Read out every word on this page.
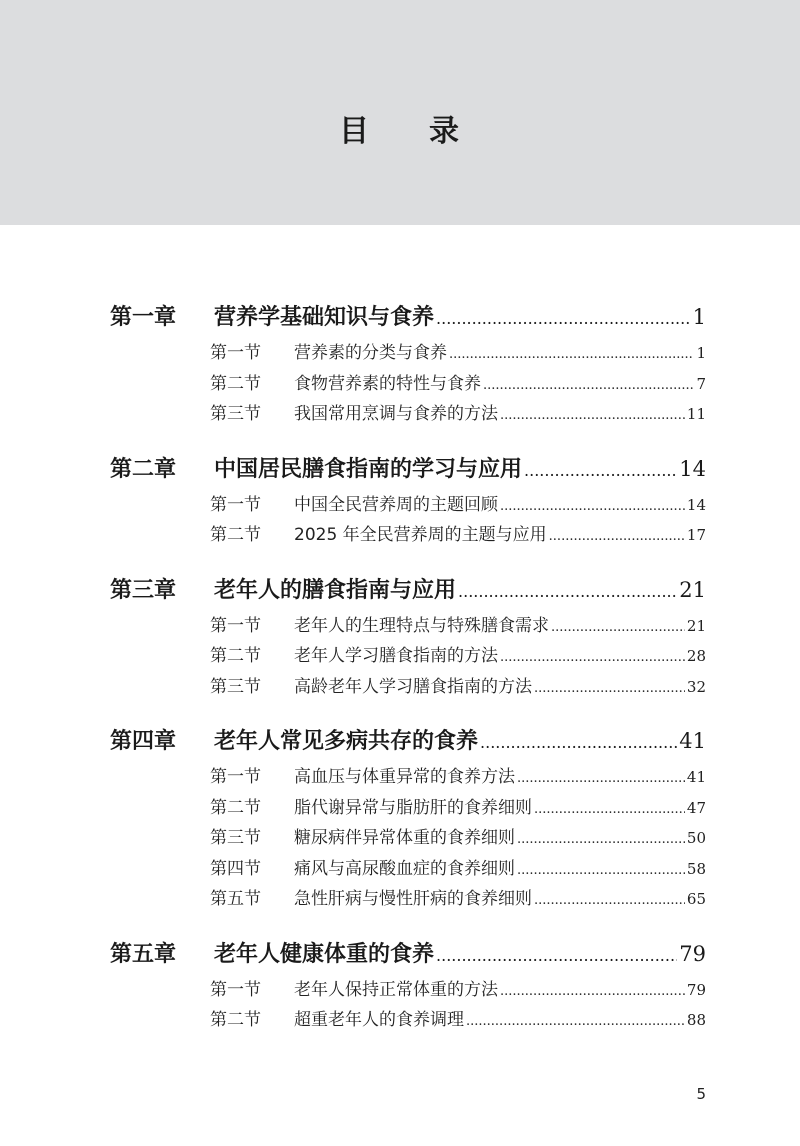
目 录
第一章	营养学基础知识与食养 .....	1
第一节	营养素的分类与食养 .....	1
第二节	食物营养素的特性与食养 .....	7
第三节	我国常用烹调与食养的方法 .....	11
第二章	中国居民膳食指南的学习与应用 .....	14
第一节	中国全民营养周的主题回顾 .....	14
第二节	2025 年全民营养周的主题与应用 .....	17
第三章	老年人的膳食指南与应用 .....	21
第一节	老年人的生理特点与特殊膳食需求 .....	21
第二节	老年人学习膳食指南的方法 .....	28
第三节	高龄老年人学习膳食指南的方法 .....	32
第四章	老年人常见多病共存的食养 .....	41
第一节	高血压与体重异常的食养方法 .....	41
第二节	脂代谢异常与脂肪肝的食养细则 .....	47
第三节	糖尿病伴异常体重的食养细则 .....	50
第四节	痛风与高尿酸血症的食养细则 .....	58
第五节	急性肝病与慢性肝病的食养细则 .....	65
第五章	老年人健康体重的食养 .....	79
第一节	老年人保持正常体重的方法 .....	79
第二节	超重老年人的食养调理 .....	88
5
